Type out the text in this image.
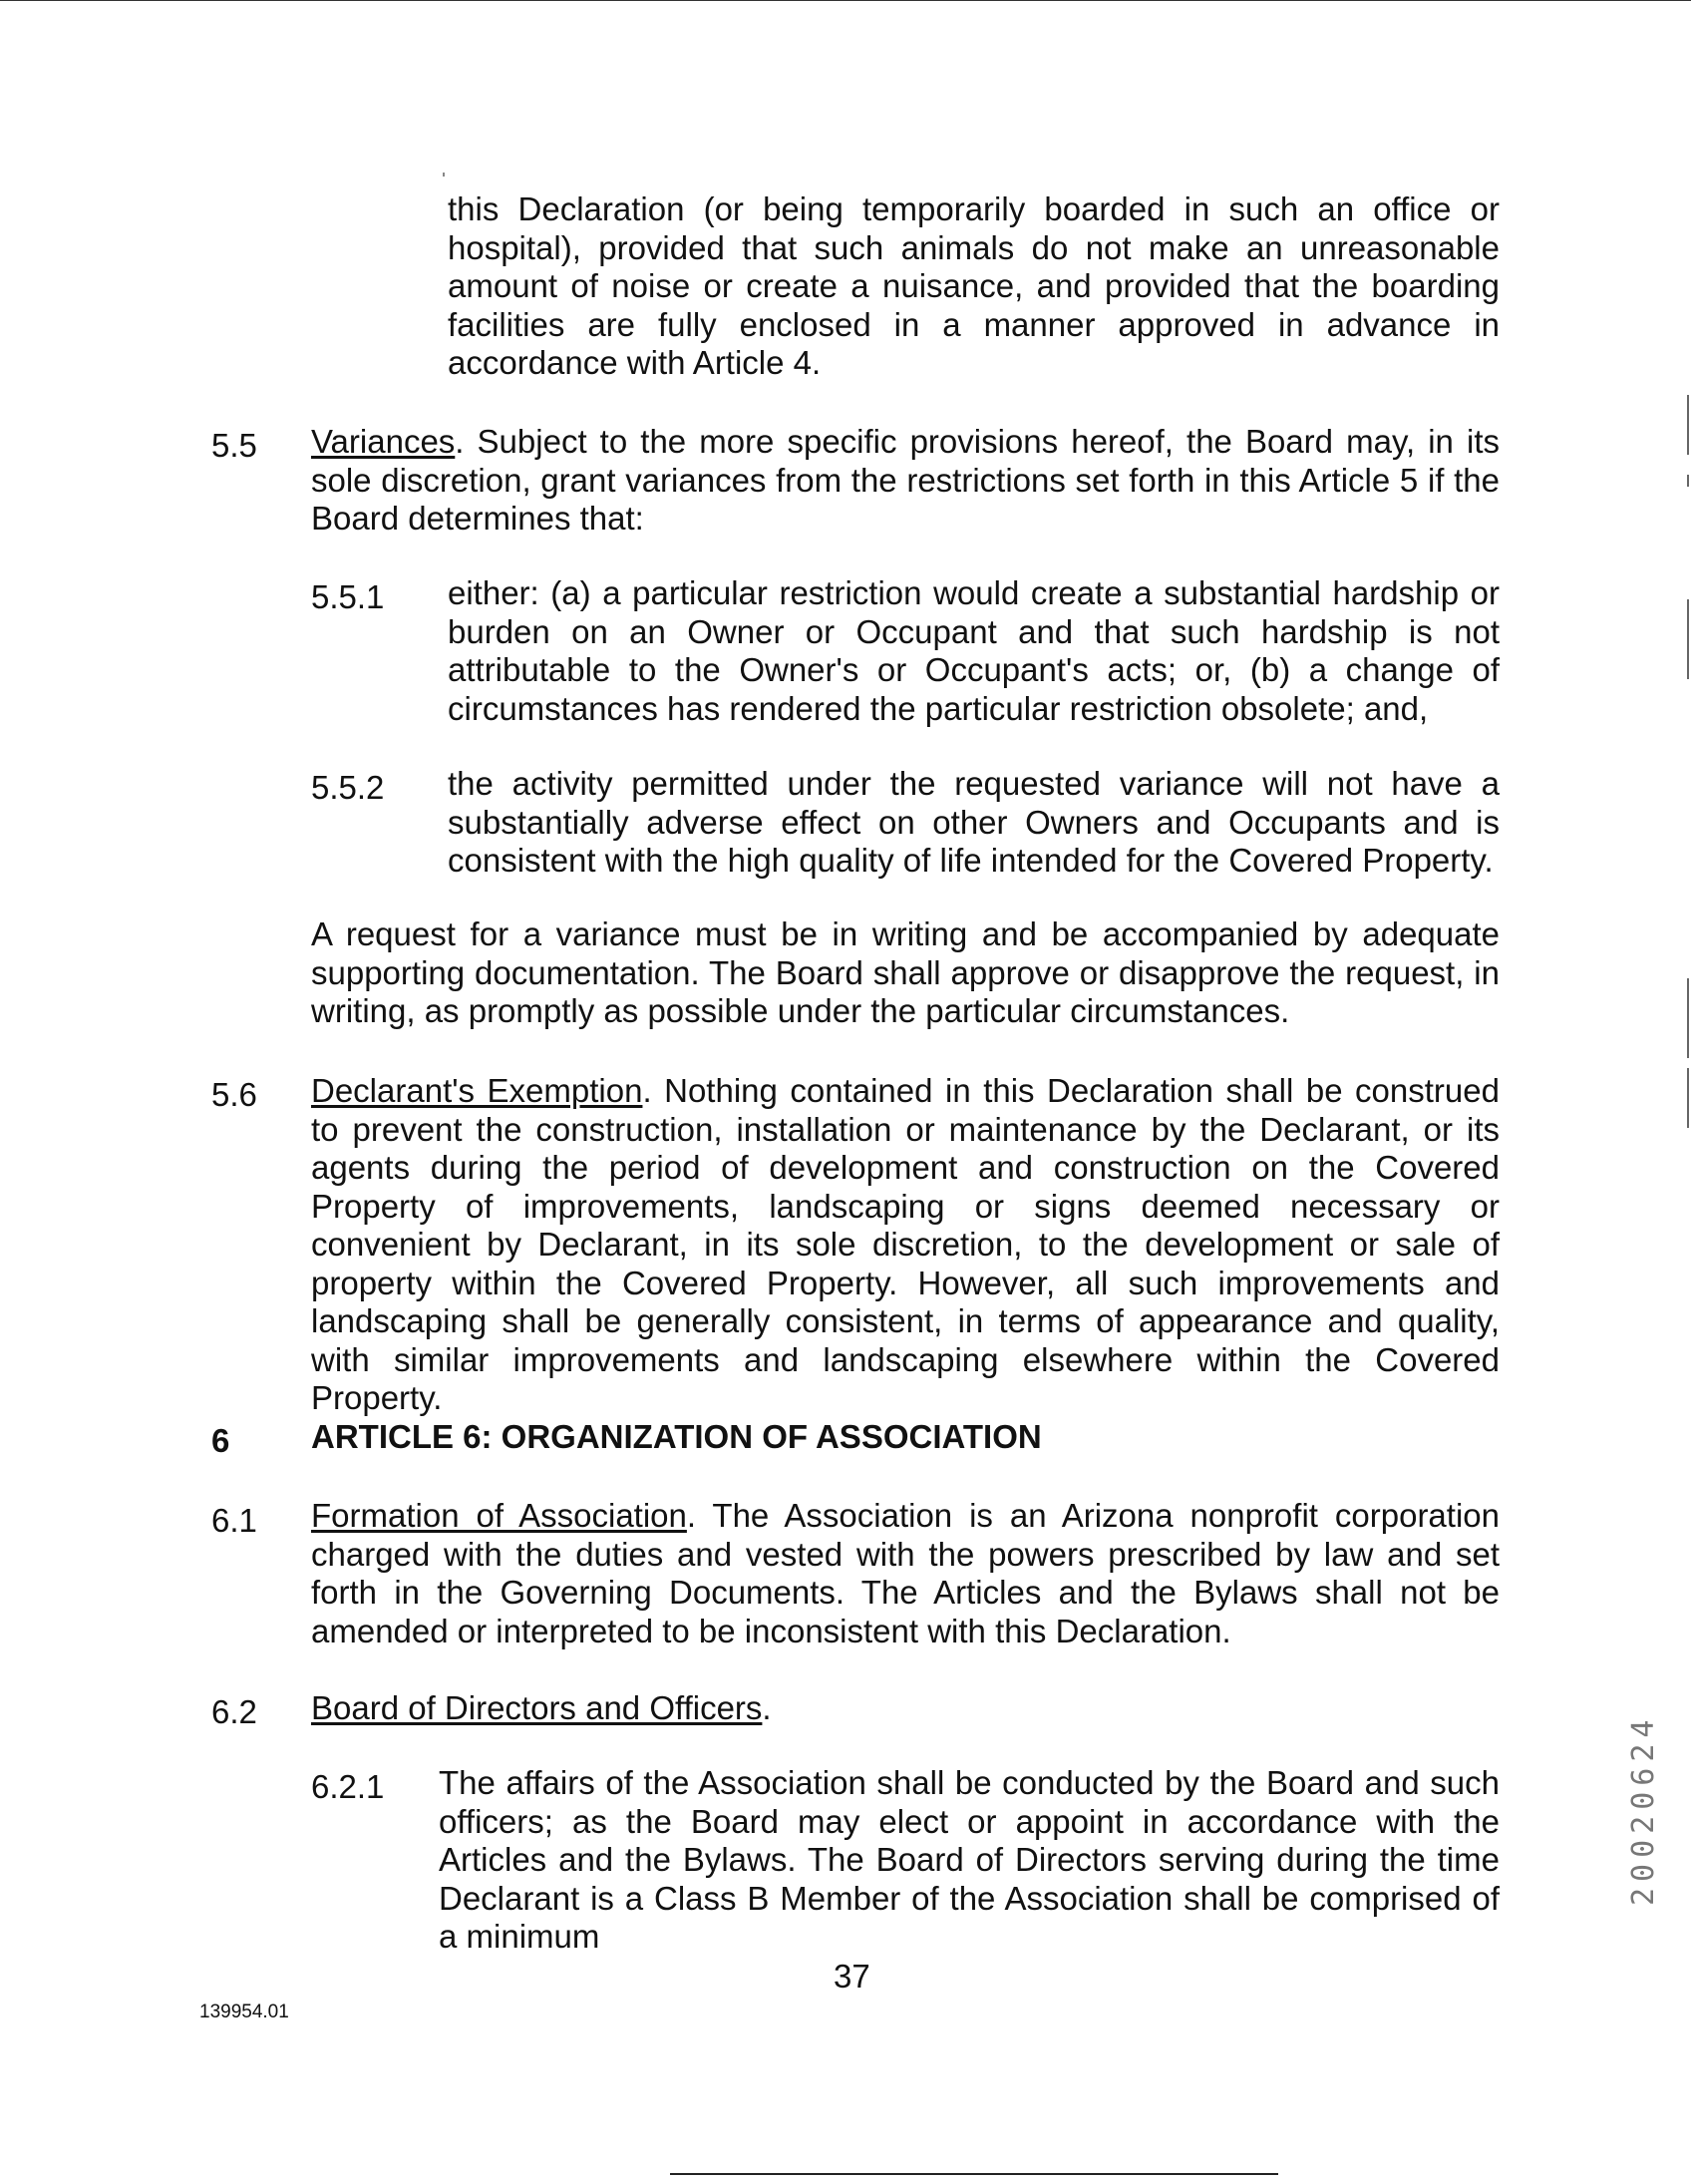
this Declaration (or being temporarily boarded in such an office or hospital), provided that such animals do not make an unreasonable amount of noise or create a nuisance, and provided that the boarding facilities are fully enclosed in a manner approved in advance in accordance with Article 4.

5.5 Variances. Subject to the more specific provisions hereof, the Board may, in its sole discretion, grant variances from the restrictions set forth in this Article 5 if the Board determines that:

5.5.1 either: (a) a particular restriction would create a substantial hardship or burden on an Owner or Occupant and that such hardship is not attributable to the Owner's or Occupant's acts; or, (b) a change of circumstances has rendered the particular restriction obsolete; and,

5.5.2 the activity permitted under the requested variance will not have a substantially adverse effect on other Owners and Occupants and is consistent with the high quality of life intended for the Covered Property.

A request for a variance must be in writing and be accompanied by adequate supporting documentation. The Board shall approve or disapprove the request, in writing, as promptly as possible under the particular circumstances.

5.6 Declarant's Exemption. Nothing contained in this Declaration shall be construed to prevent the construction, installation or maintenance by the Declarant, or its agents during the period of development and construction on the Covered Property of improvements, landscaping or signs deemed necessary or convenient by Declarant, in its sole discretion, to the development or sale of property within the Covered Property. However, all such improvements and landscaping shall be generally consistent, in terms of appearance and quality, with similar improvements and landscaping elsewhere within the Covered Property.

6 ARTICLE 6: ORGANIZATION OF ASSOCIATION
6.1 Formation of Association. The Association is an Arizona nonprofit corporation charged with the duties and vested with the powers prescribed by law and set forth in the Governing Documents. The Articles and the Bylaws shall not be amended or interpreted to be inconsistent with this Declaration.

6.2 Board of Directors and Officers.

6.2.1 The affairs of the Association shall be conducted by the Board and such officers; as the Board may elect or appoint in accordance with the Articles and the Bylaws. The Board of Directors serving during the time Declarant is a Class B Member of the Association shall be comprised of a minimum

37
139954.01
20020624
